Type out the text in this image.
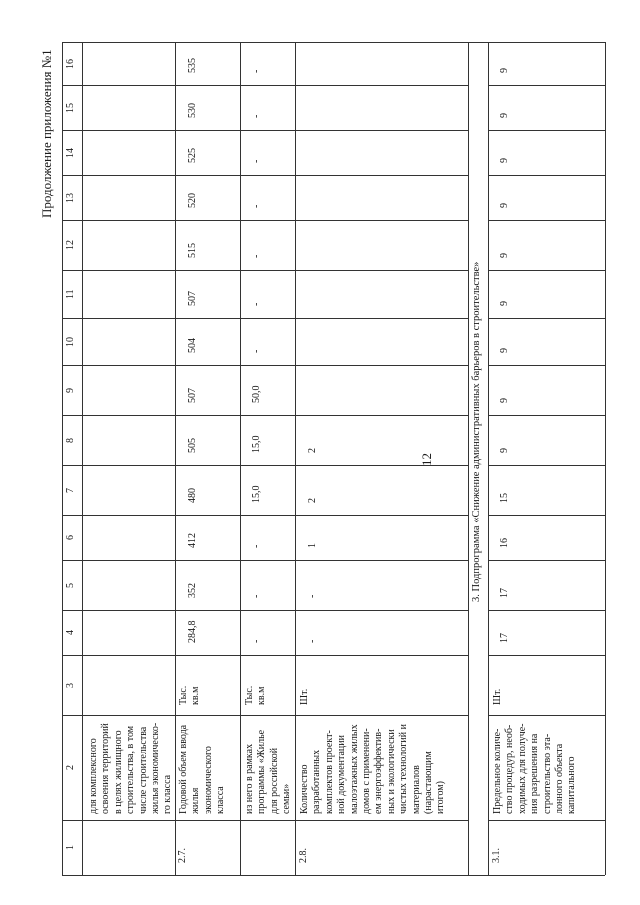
12
Продолжение приложения №1
1
2
3
4
5
6
7
8
9
10
11
12
13
14
15
16
для комплексного освоения территорий в целях жилищного строительства, в том числе строительства жилья экономическо- го класса
2.7.
Годовой объем ввода жилья экономического класса
Тыс. кв.м
284,8
352
412
480
505
507
504
507
515
520
525
530
535
из него в рамках программы «Жилье для российской семьи»
Тыс. кв.м
-
-
-
15,0
15,0
50,0
-
-
-
-
-
-
-
2.8.
Количество разработанных комплектов проект- ной документации малоэтажных жилых домов с применени- ем энергоэффектив- ных и экологически чистых технологий и материалов (нарастающим итогом)
Шт.
-
-
1
2
2	3. Подпрограмма «Снижение административных барьеров в строительстве»
3.1.
Предельное количе- ство процедур, необ- ходимых для получе- ния разрешения на строительство эта- лонного объекта капитального
Шт.
17
17
16
15
9
9
9
9
9
9
9
9
9
